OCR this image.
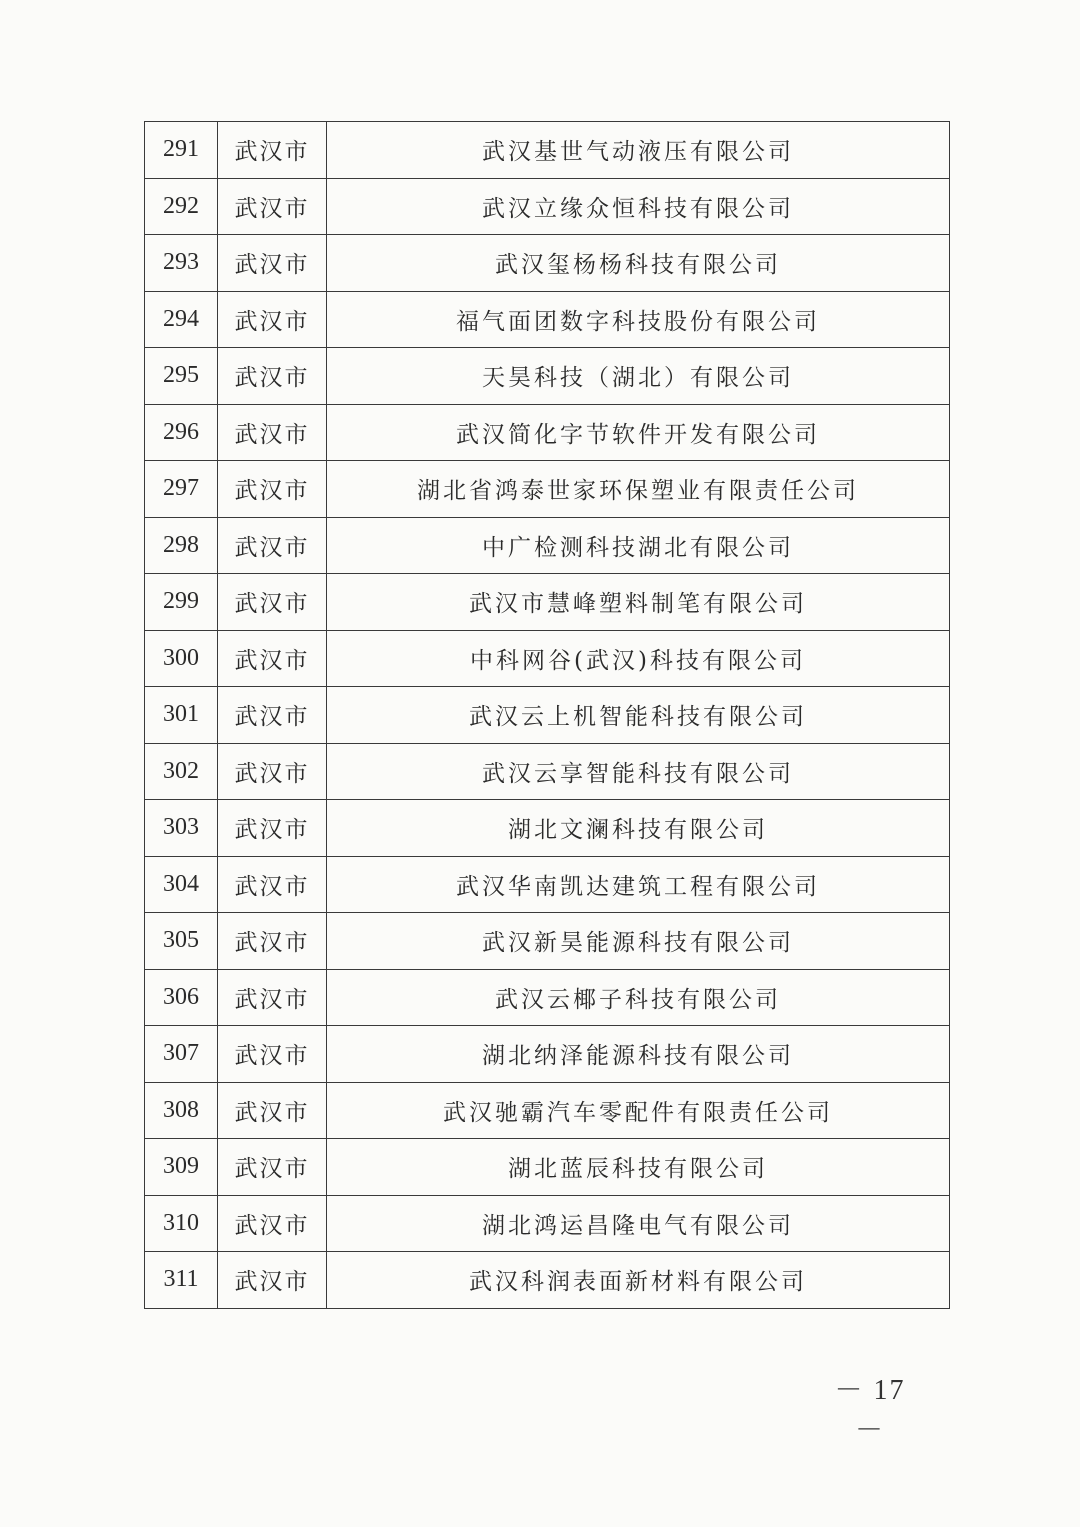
291	武汉市	武汉基世气动液压有限公司
292	武汉市	武汉立缘众恒科技有限公司
293	武汉市	武汉玺杨杨科技有限公司
294	武汉市	福气面团数字科技股份有限公司
295	武汉市	天昊科技（湖北）有限公司
296	武汉市	武汉简化字节软件开发有限公司
297	武汉市	湖北省鸿泰世家环保塑业有限责任公司
298	武汉市	中广检测科技湖北有限公司
299	武汉市	武汉市慧峰塑料制笔有限公司
300	武汉市	中科网谷(武汉)科技有限公司
301	武汉市	武汉云上机智能科技有限公司
302	武汉市	武汉云享智能科技有限公司
303	武汉市	湖北文澜科技有限公司
304	武汉市	武汉华南凯达建筑工程有限公司
305	武汉市	武汉新昊能源科技有限公司
306	武汉市	武汉云椰子科技有限公司
307	武汉市	湖北纳泽能源科技有限公司
308	武汉市	武汉驰霸汽车零配件有限责任公司
309	武汉市	湖北蓝辰科技有限公司
310	武汉市	湖北鸿运昌隆电气有限公司
311	武汉市	武汉科润表面新材料有限公司
－ 17 －
